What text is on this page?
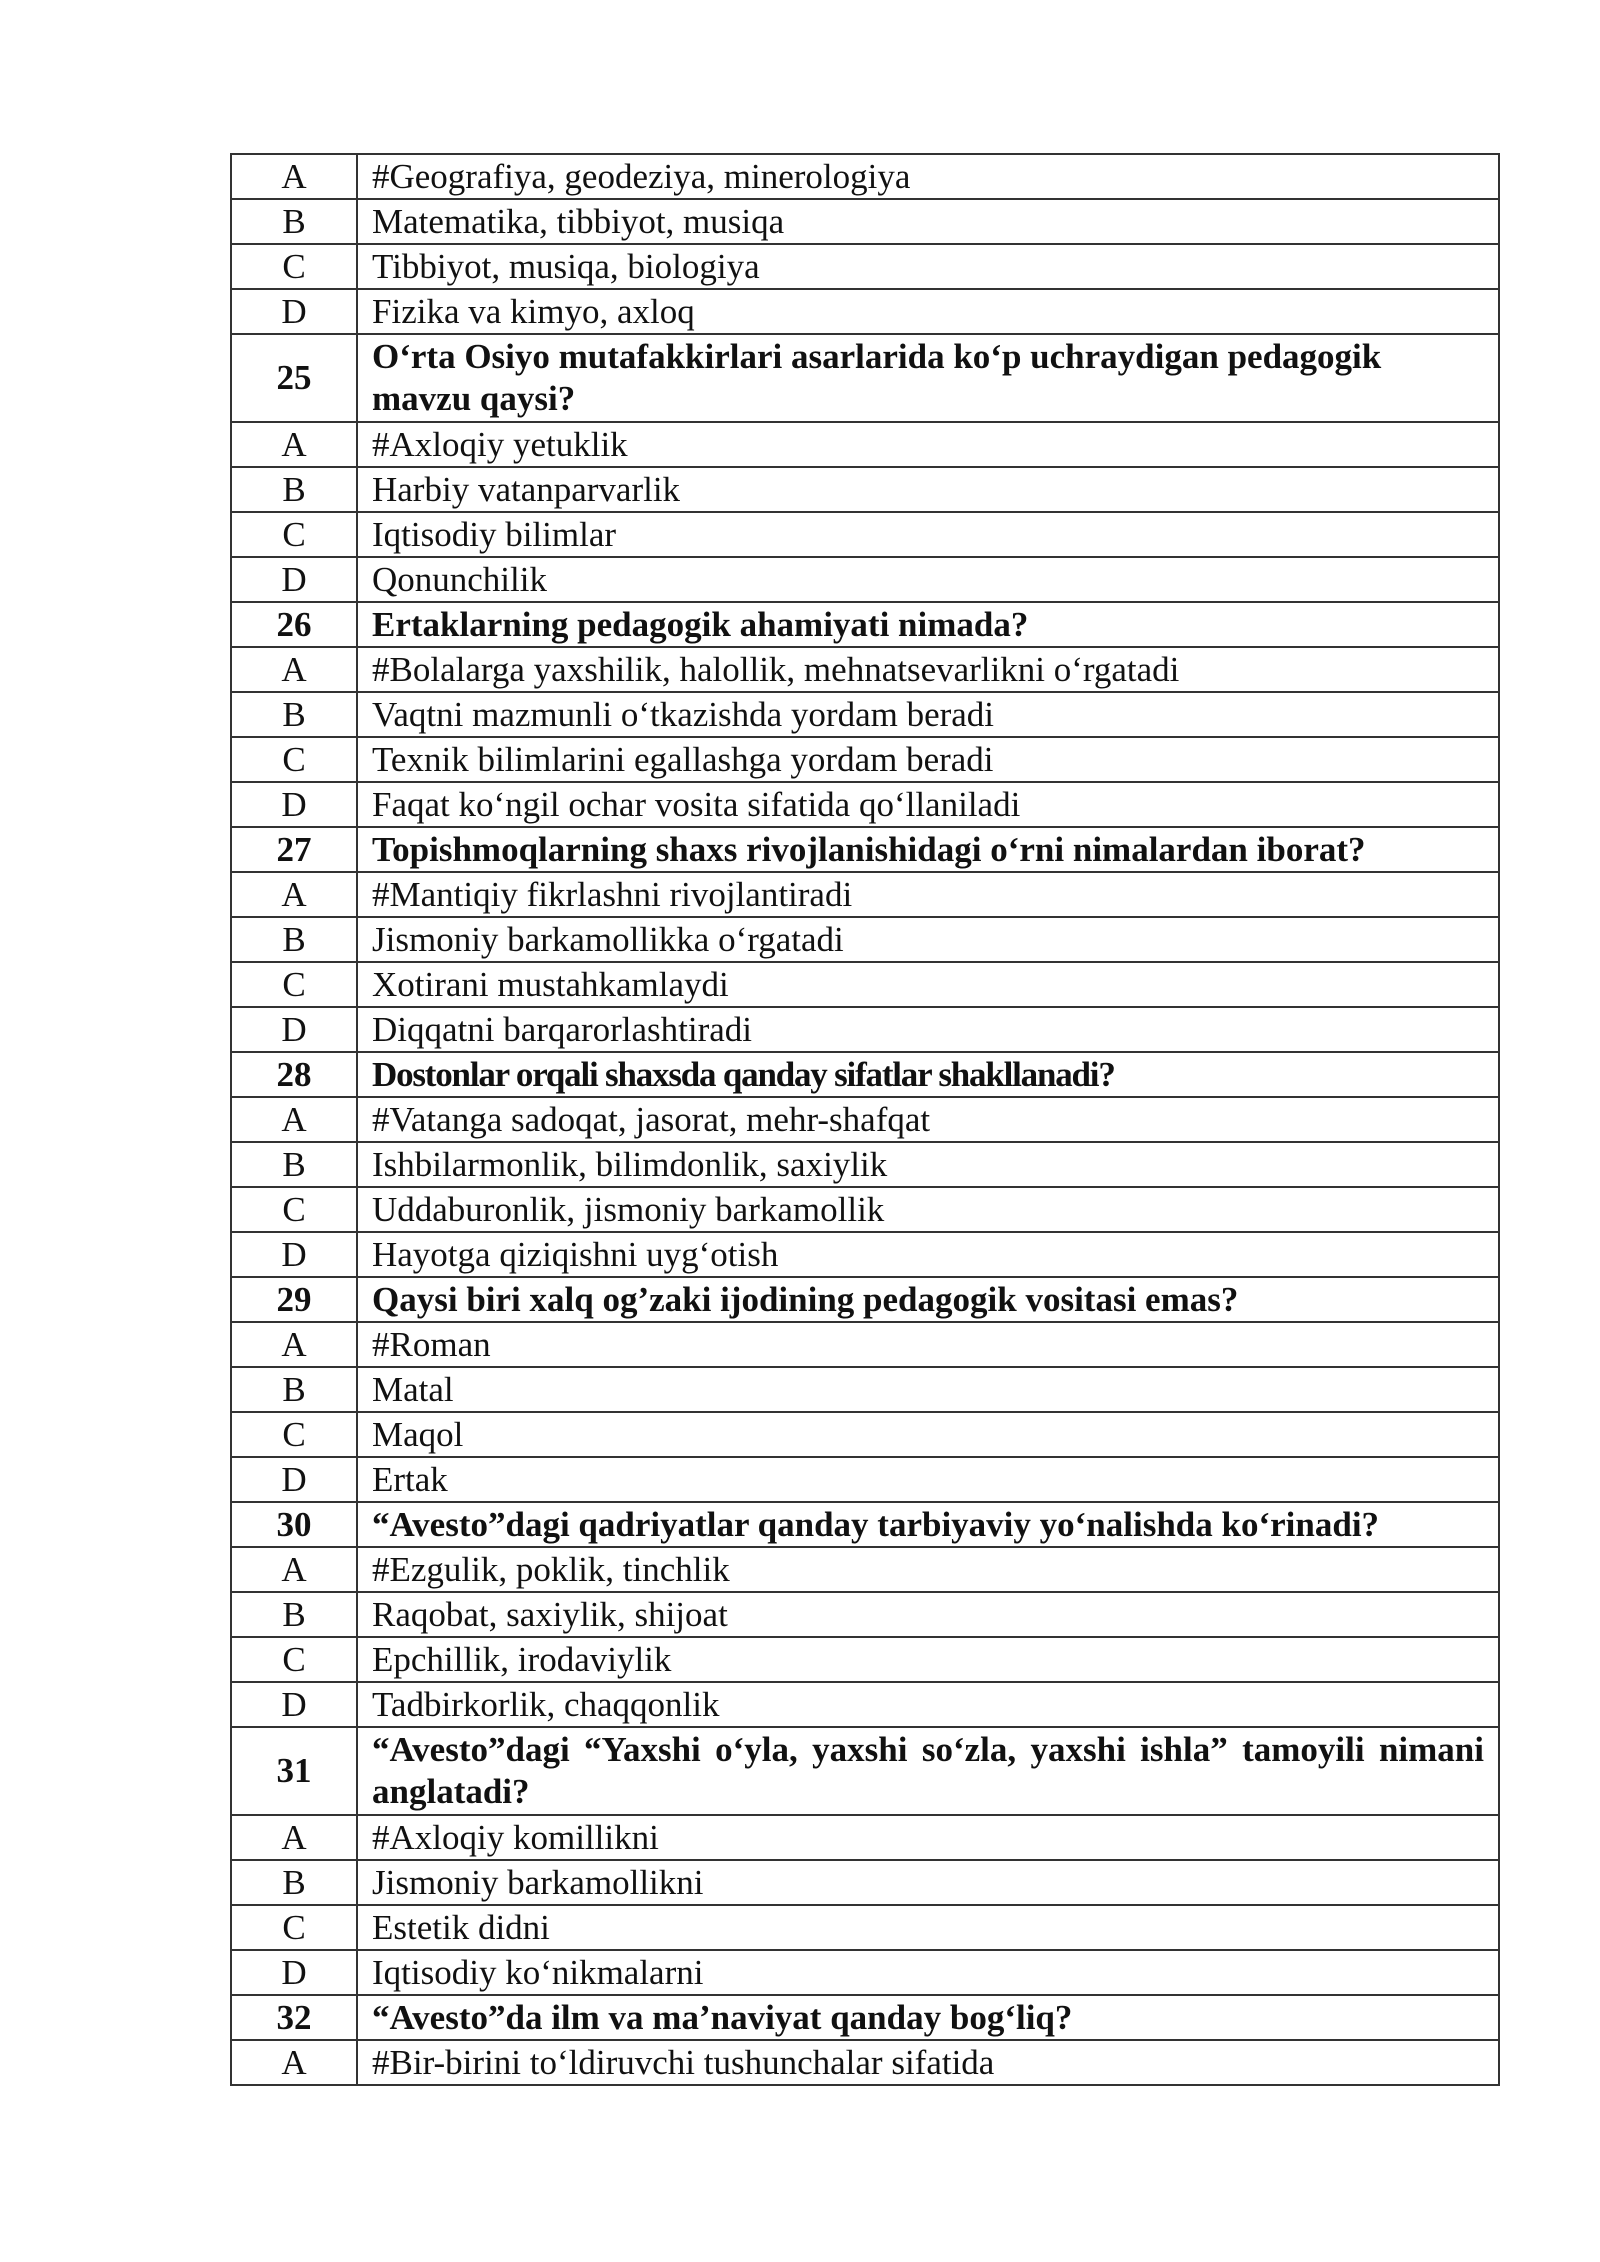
A	#Geografiya, geodeziya, minerologiya
B	Matematika, tibbiyot, musiqa
C	Tibbiyot, musiqa, biologiya
D	Fizika va kimyo, axloq
25	O‘rta Osiyo mutafakkirlari asarlarida ko‘p uchraydigan pedagogik mavzu qaysi?
A	#Axloqiy yetuklik
B	Harbiy vatanparvarlik
C	Iqtisodiy bilimlar
D	Qonunchilik
26	Ertaklarning pedagogik ahamiyati nimada?
A	#Bolalarga yaxshilik, halollik, mehnatsevarlikni o‘rgatadi
B	Vaqtni mazmunli o‘tkazishda yordam beradi
C	Texnik bilimlarini egallashga yordam beradi
D	Faqat ko‘ngil ochar vosita sifatida qo‘llaniladi
27	Topishmoqlarning shaxs rivojlanishidagi o‘rni nimalardan iborat?
A	#Mantiqiy fikrlashni rivojlantiradi
B	Jismoniy barkamollikka o‘rgatadi
C	Xotirani mustahkamlaydi
D	Diqqatni barqarorlashtiradi
28	Dostonlar orqali shaxsda qanday sifatlar shakllanadi?
A	#Vatanga sadoqat, jasorat, mehr-shafqat
B	Ishbilarmonlik, bilimdonlik, saxiylik
C	Uddaburonlik, jismoniy barkamollik
D	Hayotga qiziqishni uyg‘otish
29	Qaysi biri xalq og’zaki ijodining pedagogik vositasi emas?
A	#Roman
B	Matal
C	Maqol
D	Ertak
30	“Avesto”dagi qadriyatlar qanday tarbiyaviy yo‘nalishda ko‘rinadi?
A	#Ezgulik, poklik, tinchlik
B	Raqobat, saxiylik, shijoat
C	Epchillik, irodaviylik
D	Tadbirkorlik, chaqqonlik
31	“Avesto”dagi “Yaxshi o‘yla, yaxshi so‘zla, yaxshi ishla” tamoyili nimani anglatadi?
A	#Axloqiy komillikni
B	Jismoniy barkamollikni
C	Estetik didni
D	Iqtisodiy ko‘nikmalarni
32	“Avesto”da ilm va ma’naviyat qanday bog‘liq?
A	#Bir-birini to‘ldiruvchi tushunchalar sifatida
